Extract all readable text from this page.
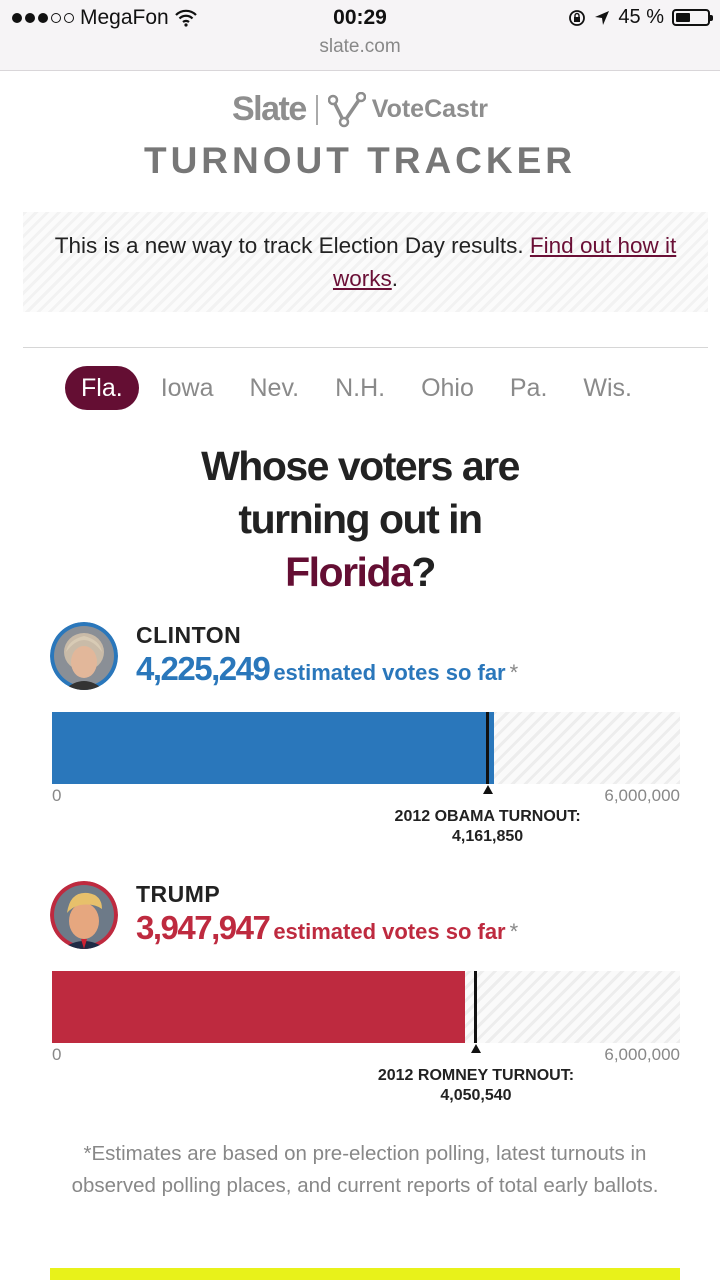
MegaFon	00:29
slate.com
45 %
Slate	VoteCastr
TURNOUT TRACKER
This is a new way to track Election Day results. Find out how it works.
Fla.	Iowa	Nev.	N.H.	Ohio	Pa.	Wis.
Whose voters are
turning out in
Florida?
CLINTON
4,225,249 estimated votes so far *
0	6,000,000
2012 OBAMA TURNOUT:
4,161,850
TRUMP
3,947,947 estimated votes so far *
0	6,000,000
2012 ROMNEY TURNOUT:
4,050,540
*Estimates are based on pre-election polling, latest turnouts in observed polling places, and current reports of total early ballots.
